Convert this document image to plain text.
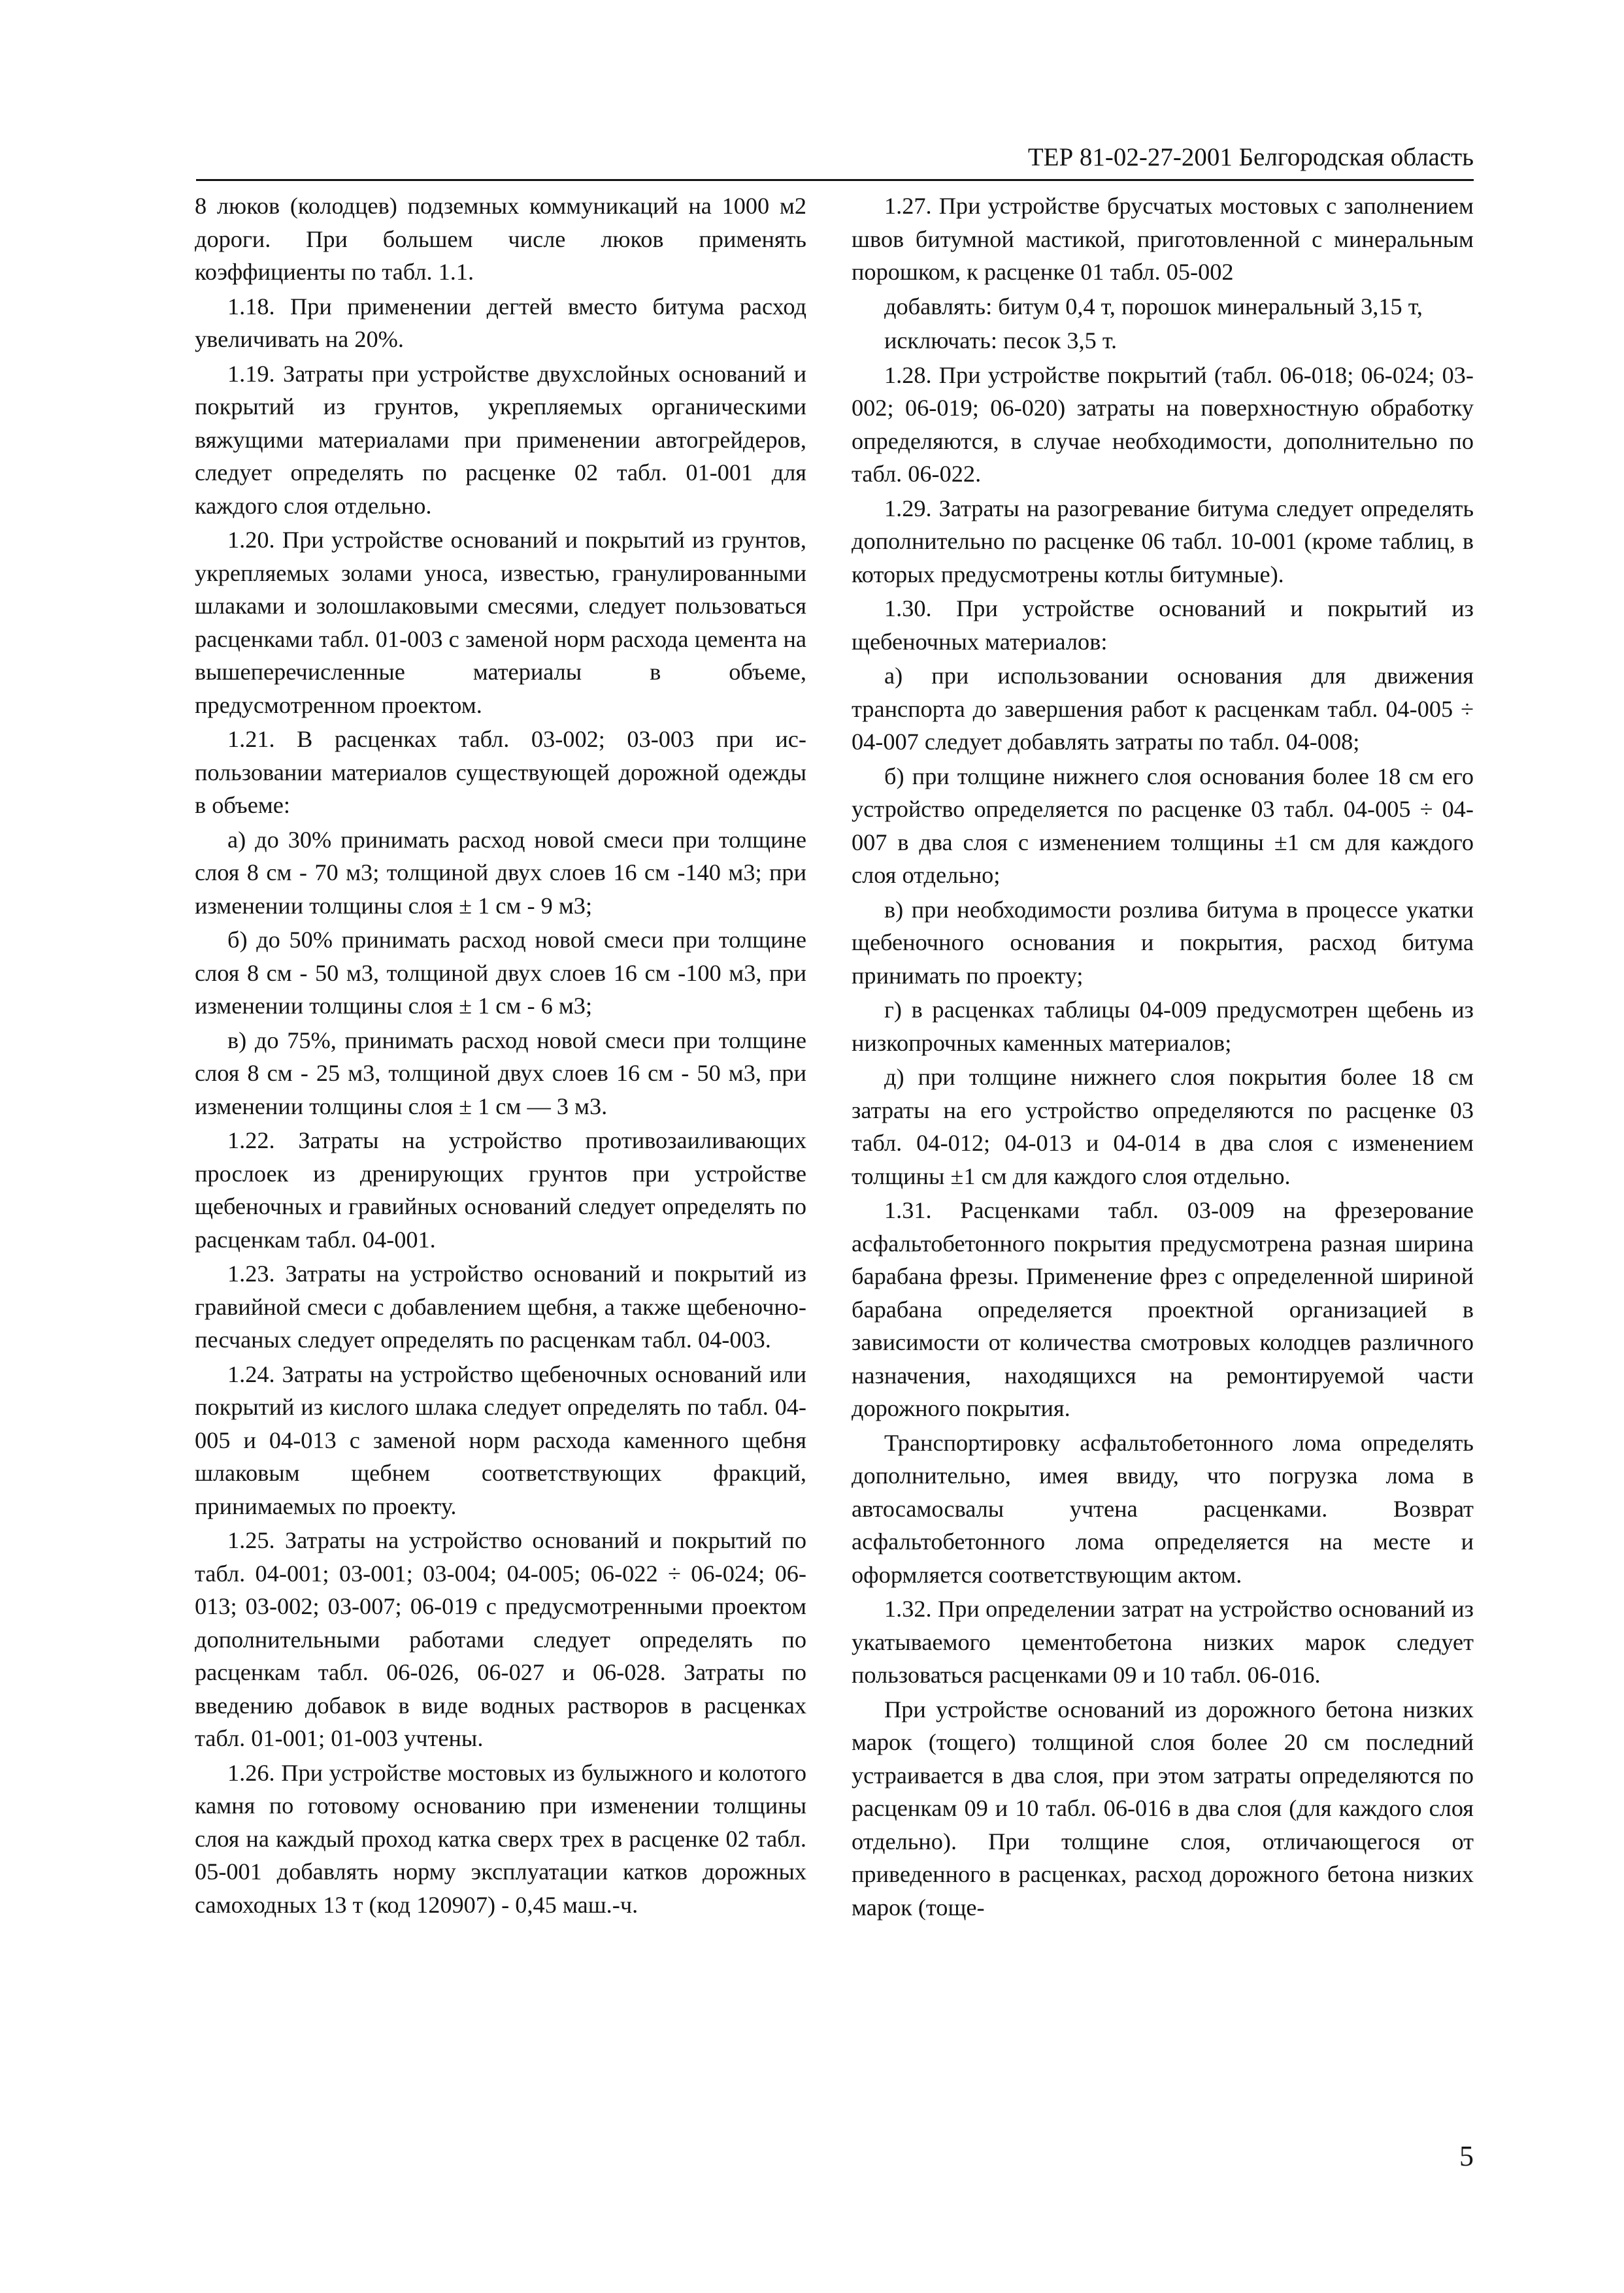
ТЕР 81-02-27-2001 Белгородская область

8 люков (колодцев) подземных коммуникаций на 1000 м2 дороги. При большем числе люков применять коэффициенты по табл. 1.1.

1.18. При применении дегтей вместо битума расход увеличивать на 20%.

1.19. Затраты при устройстве двухслойных оснований и покрытий из грунтов, укрепляемых органическими вяжущими материалами при применении автогрейдеров, следует определять по расценке 02 табл. 01-001 для каждого слоя отдельно.

1.20. При устройстве оснований и покрытий из грунтов, укрепляемых золами уноса, известью, гранулированными шлаками и золошлаковыми смесями, следует пользоваться расценками табл. 01-003 с заменой норм расхода цемента на вышеперечисленные материалы в объеме, предусмотренном проектом.

1.21. В расценках табл. 03-002; 03-003 при использовании материалов существующей дорожной одежды в объеме:

а) до 30% принимать расход новой смеси при толщине слоя 8 см - 70 м3; толщиной двух слоев 16 см -140 м3; при изменении толщины слоя ± 1 см - 9 м3;

б) до 50% принимать расход новой смеси при толщине слоя 8 см - 50 м3, толщиной двух слоев 16 см -100 м3, при изменении толщины слоя ± 1 см - 6 м3;

в) до 75%, принимать расход новой смеси при толщине слоя 8 см - 25 м3, толщиной двух слоев 16 см - 50 м3, при изменении толщины слоя ± 1 см — 3 м3.

1.22. Затраты на устройство противозаиливающих прослоек из дренирующих грунтов при устройстве щебеночных и гравийных оснований следует определять по расценкам табл. 04-001.

1.23. Затраты на устройство оснований и покрытий из гравийной смеси с добавлением щебня, а также щебеночно-песчаных следует определять по расценкам табл. 04-003.

1.24. Затраты на устройство щебеночных оснований или покрытий из кислого шлака следует определять по табл. 04-005 и 04-013 с заменой норм расхода каменного щебня шлаковым щебнем соответствующих фракций, принимаемых по проекту.

1.25. Затраты на устройство оснований и покрытий по табл. 04-001; 03-001; 03-004; 04-005; 06-022 ÷ 06-024; 06-013; 03-002; 03-007; 06-019 с предусмотренными проектом дополнительными работами следует определять по расценкам табл. 06-026, 06-027 и 06-028. Затраты по введению добавок в виде водных растворов в расценках табл. 01-001; 01-003 учтены.

1.26. При устройстве мостовых из булыжного и колотого камня по готовому основанию при изменении толщины слоя на каждый проход катка сверх трех в расценке 02 табл. 05-001 добавлять норму эксплуатации катков дорожных самоходных 13 т (код 120907) - 0,45 маш.-ч.

1.27. При устройстве брусчатых мостовых с заполнением швов битумной мастикой, приготовленной с минеральным порошком, к расценке 01 табл. 05-002

добавлять: битум 0,4 т, порошок минеральный 3,15 т,

исключать: песок 3,5 т.

1.28. При устройстве покрытий (табл. 06-018; 06-024; 03-002; 06-019; 06-020) затраты на поверхностную обработку определяются, в случае необходимости, дополнительно по табл. 06-022.

1.29. Затраты на разогревание битума следует определять дополнительно по расценке 06 табл. 10-001 (кроме таблиц, в которых предусмотрены котлы битумные).

1.30. При устройстве оснований и покрытий из щебеночных материалов:

а) при использовании основания для движения транспорта до завершения работ к расценкам табл. 04-005 ÷ 04-007 следует добавлять затраты по табл. 04-008;

б) при толщине нижнего слоя основания более 18 см его устройство определяется по расценке 03 табл. 04-005 ÷ 04-007 в два слоя с изменением толщины ±1 см для каждого слоя отдельно;

в) при необходимости розлива битума в процессе укатки щебеночного основания и покрытия, расход битума принимать по проекту;

г) в расценках таблицы 04-009 предусмотрен щебень из низкопрочных каменных материалов;

д) при толщине нижнего слоя покрытия более 18 см затраты на его устройство определяются по расценке 03 табл. 04-012; 04-013 и 04-014 в два слоя с изменением толщины ±1 см для каждого слоя отдельно.

1.31. Расценками табл. 03-009 на фрезерование асфальтобетонного покрытия предусмотрена разная ширина барабана фрезы. Применение фрез с определенной шириной барабана определяется проектной организацией в зависимости от количества смотровых колодцев различного назначения, находящихся на ремонтируемой части дорожного покрытия.

Транспортировку асфальтобетонного лома определять дополнительно, имея ввиду, что погрузка лома в автосамосвалы учтена расценками. Возврат асфальтобетонного лома определяется на месте и оформляется соответствующим актом.

1.32. При определении затрат на устройство оснований из укатываемого цементобетона низких марок следует пользоваться расценками 09 и 10 табл. 06-016.

При устройстве оснований из дорожного бетона низких марок (тощего) толщиной слоя более 20 см последний устраивается в два слоя, при этом затраты определяются по расценкам 09 и 10 табл. 06-016 в два слоя (для каждого слоя отдельно). При толщине слоя, отличающегося от приведенного в расценках, расход дорожного бетона низких марок (тоще-

5
